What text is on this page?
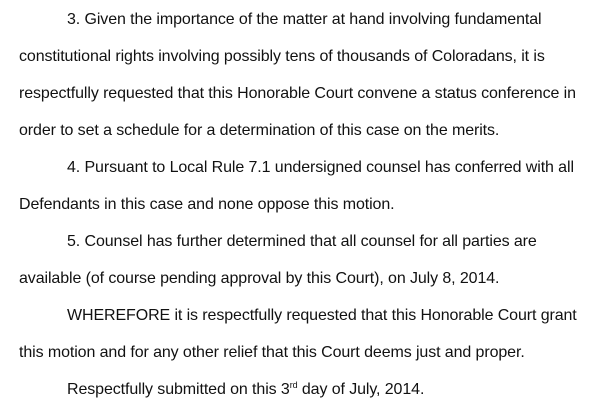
3. Given the importance of the matter at hand involving fundamental
constitutional rights involving possibly tens of thousands of Coloradans, it is
respectfully requested that this Honorable Court convene a status conference in
order to set a schedule for a determination of this case on the merits.
4. Pursuant to Local Rule 7.1 undersigned counsel has conferred with all
Defendants in this case and none oppose this motion.
5. Counsel has further determined that all counsel for all parties are
available (of course pending approval by this Court), on July 8, 2014.
WHEREFORE it is respectfully requested that this Honorable Court grant
this motion and for any other relief that this Court deems just and proper.
Respectfully submitted on this 3rd day of July, 2014.
